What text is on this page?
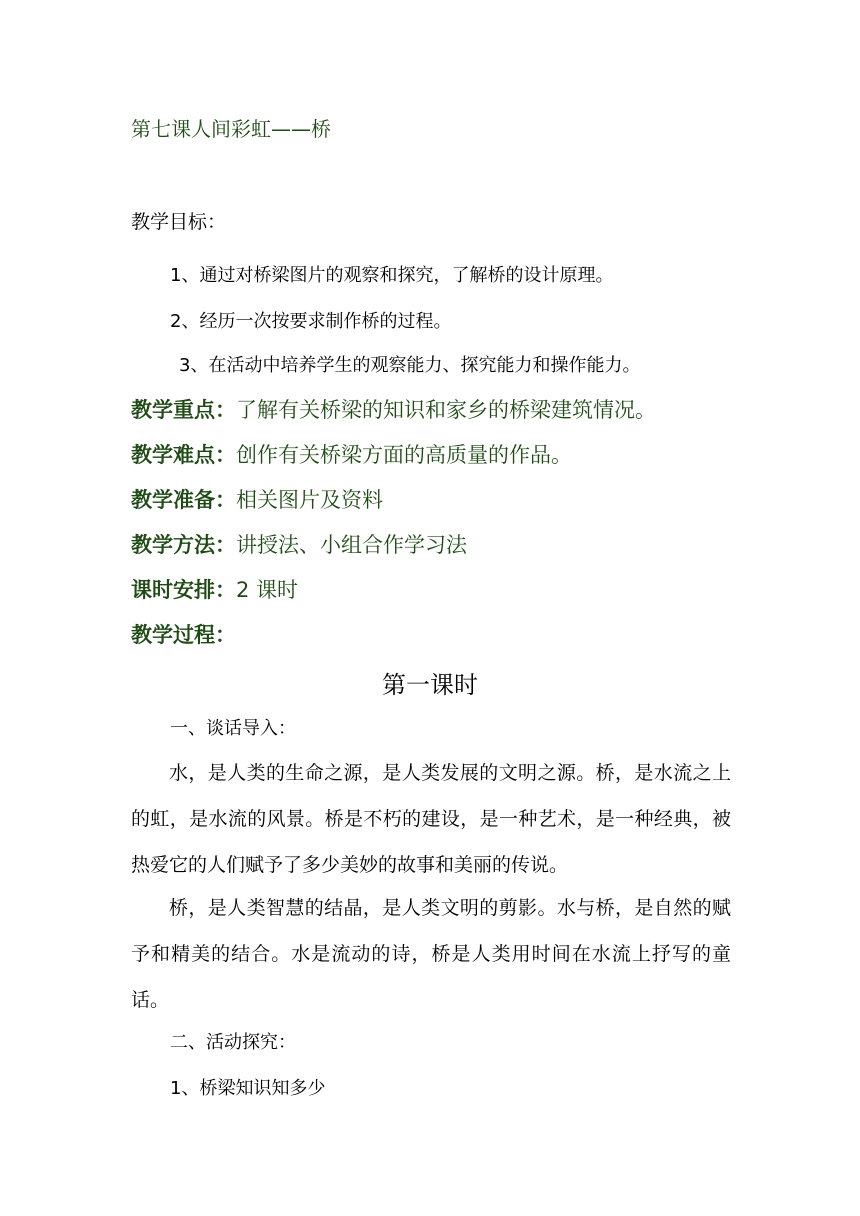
第七课人间彩虹——桥
教学目标：
1、通过对桥梁图片的观察和探究，了解桥的设计原理。
2、经历一次按要求制作桥的过程。
3、在活动中培养学生的观察能力、探究能力和操作能力。
教学重点：了解有关桥梁的知识和家乡的桥梁建筑情况。
教学难点：创作有关桥梁方面的高质量的作品。
教学准备：相关图片及资料
教学方法：讲授法、小组合作学习法
课时安排：2 课时
教学过程：
第一课时
一、谈话导入：
水，是人类的生命之源，是人类发展的文明之源。桥，是水流之上的虹，是水流的风景。桥是不朽的建设，是一种艺术，是一种经典，被热爱它的人们赋予了多少美妙的故事和美丽的传说。
桥，是人类智慧的结晶，是人类文明的剪影。水与桥，是自然的赋予和精美的结合。水是流动的诗，桥是人类用时间在水流上抒写的童话。
二、活动探究：
1、桥梁知识知多少
